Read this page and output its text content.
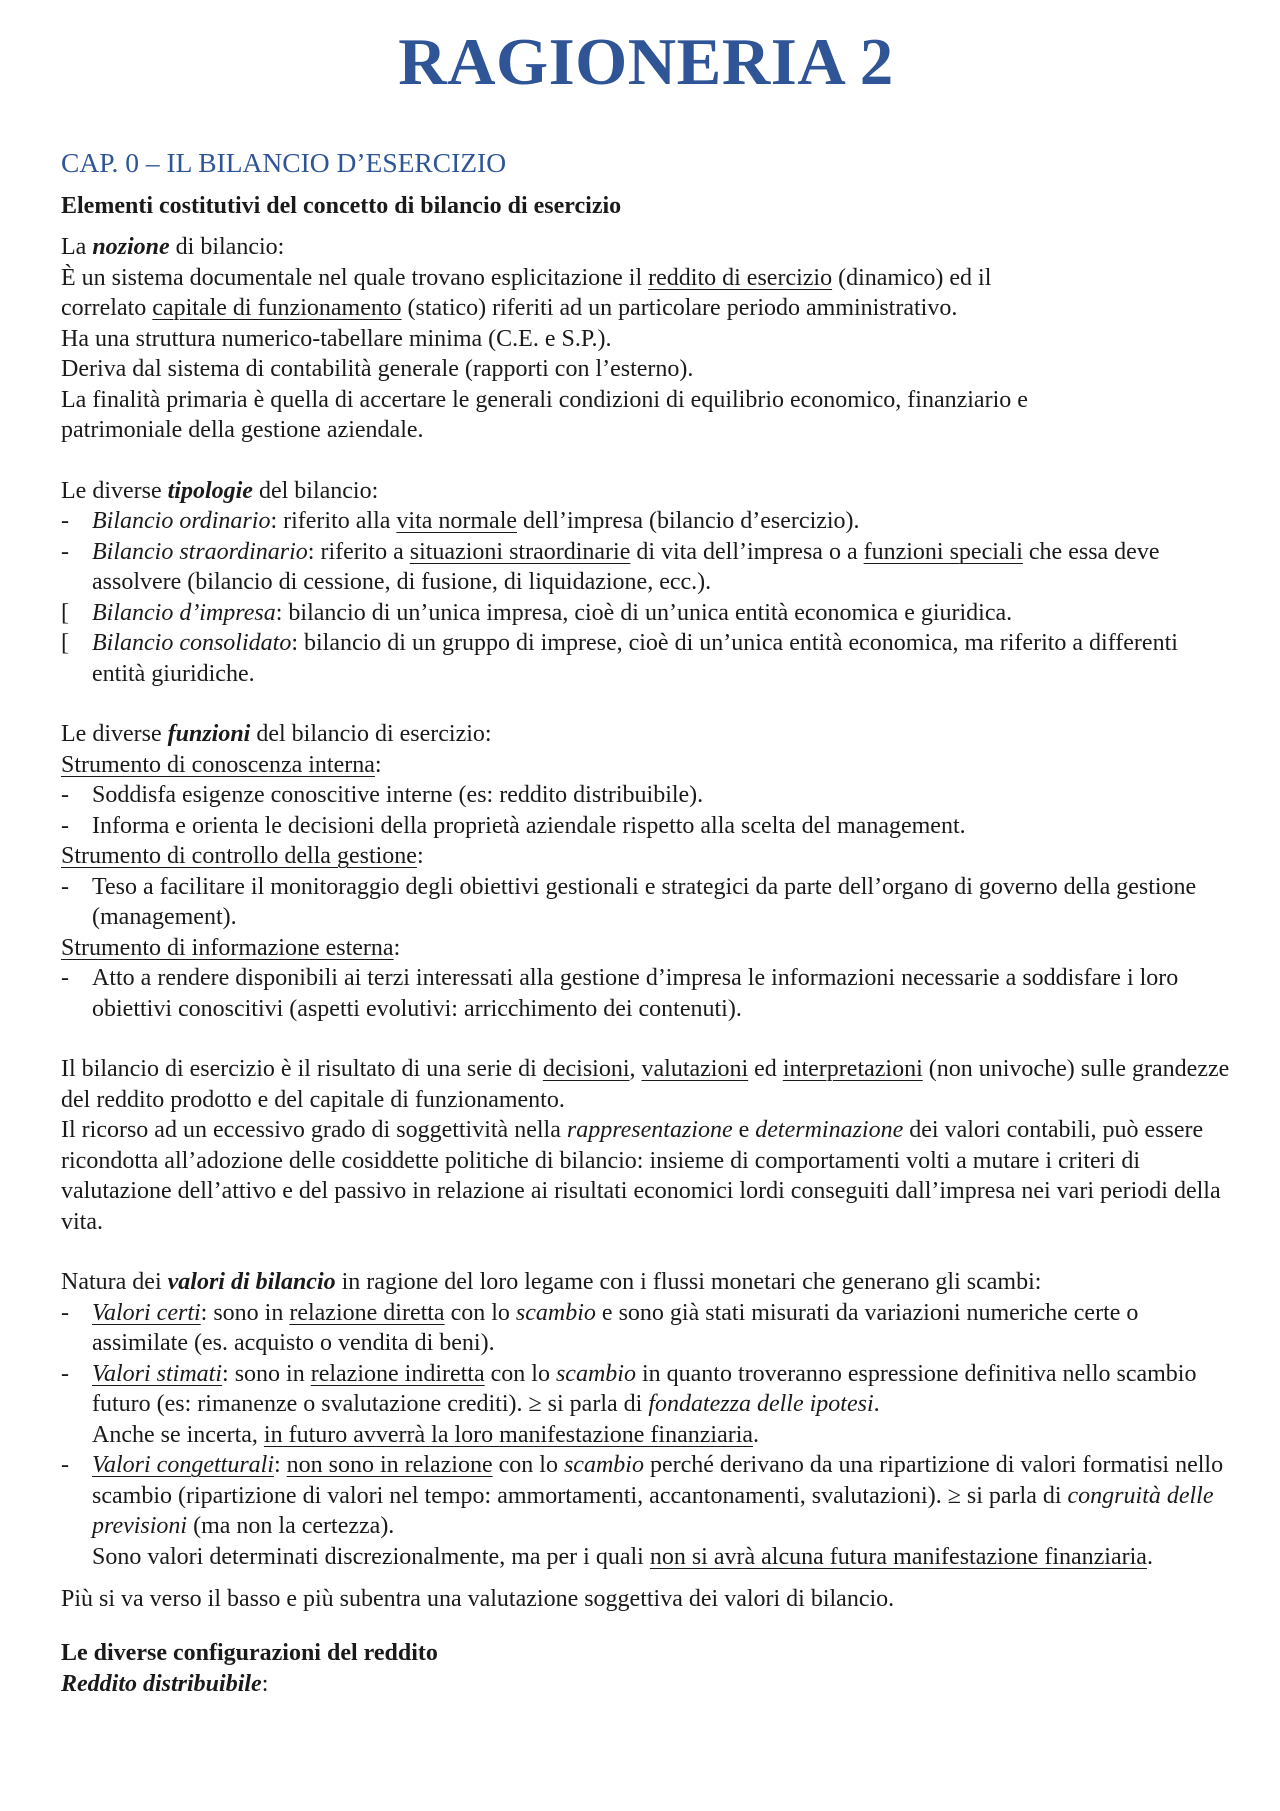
RAGIONERIA 2
CAP. 0 – IL BILANCIO D’ESERCIZIO
Elementi costitutivi del concetto di bilancio di esercizio

La nozione di bilancio:

È un sistema documentale nel quale trovano esplicitazione il reddito di esercizio (dinamico) ed il

correlato capitale di funzionamento (statico) riferiti ad un particolare periodo amministrativo.

Ha una struttura numerico-tabellare minima (C.E. e S.P.).

Deriva dal sistema di contabilità generale (rapporti con l’esterno).

La finalità primaria è quella di accertare le generali condizioni di equilibrio economico, finanziario e

patrimoniale della gestione aziendale.

Le diverse tipologie del bilancio:

- Bilancio ordinario: riferito alla vita normale dell’impresa (bilancio d’esercizio).
- Bilancio straordinario: riferito a situazioni straordinarie di vita dell’impresa o a funzioni speciali che essa deve assolvere (bilancio di cessione, di fusione, di liquidazione, ecc.).
[ Bilancio d’impresa: bilancio di un’unica impresa, cioè di un’unica entità economica e giuridica.
[ Bilancio consolidato: bilancio di un gruppo di imprese, cioè di un’unica entità economica, ma riferito a differenti entità giuridiche.

Le diverse funzioni del bilancio di esercizio:

Strumento di conoscenza interna:

- Soddisfa esigenze conoscitive interne (es: reddito distribuibile).
- Informa e orienta le decisioni della proprietà aziendale rispetto alla scelta del management.

Strumento di controllo della gestione:

- Teso a facilitare il monitoraggio degli obiettivi gestionali e strategici da parte dell’organo di governo della gestione (management).

Strumento di informazione esterna:

- Atto a rendere disponibili ai terzi interessati alla gestione d’impresa le informazioni necessarie a soddisfare i loro obiettivi conoscitivi (aspetti evolutivi: arricchimento dei contenuti).

Il bilancio di esercizio è il risultato di una serie di decisioni, valutazioni ed interpretazioni (non univoche) sulle grandezze del reddito prodotto e del capitale di funzionamento.

Il ricorso ad un eccessivo grado di soggettività nella rappresentazione e determinazione dei valori contabili, può essere ricondotta all’adozione delle cosiddette politiche di bilancio: insieme di comportamenti volti a mutare i criteri di valutazione dell’attivo e del passivo in relazione ai risultati economici lordi conseguiti dall’impresa nei vari periodi della vita.

Natura dei valori di bilancio in ragione del loro legame con i flussi monetari che generano gli scambi:

- Valori certi: sono in relazione diretta con lo scambio e sono già stati misurati da variazioni numeriche certe o assimilate (es. acquisto o vendita di beni).
- Valori stimati: sono in relazione indiretta con lo scambio in quanto troveranno espressione definitiva nello scambio futuro (es: rimanenze o svalutazione crediti). ≥ si parla di fondatezza delle ipotesi.
Anche se incerta, in futuro avverrà la loro manifestazione finanziaria.
- Valori congetturali: non sono in relazione con lo scambio perché derivano da una ripartizione di valori formatisi nello scambio (ripartizione di valori nel tempo: ammortamenti, accantonamenti, svalutazioni). ≥ si parla di congruità delle previsioni (ma non la certezza).
Sono valori determinati discrezionalmente, ma per i quali non si avrà alcuna futura manifestazione finanziaria.

Più si va verso il basso e più subentra una valutazione soggettiva dei valori di bilancio.

Le diverse configurazioni del reddito

Reddito distribuibile:
